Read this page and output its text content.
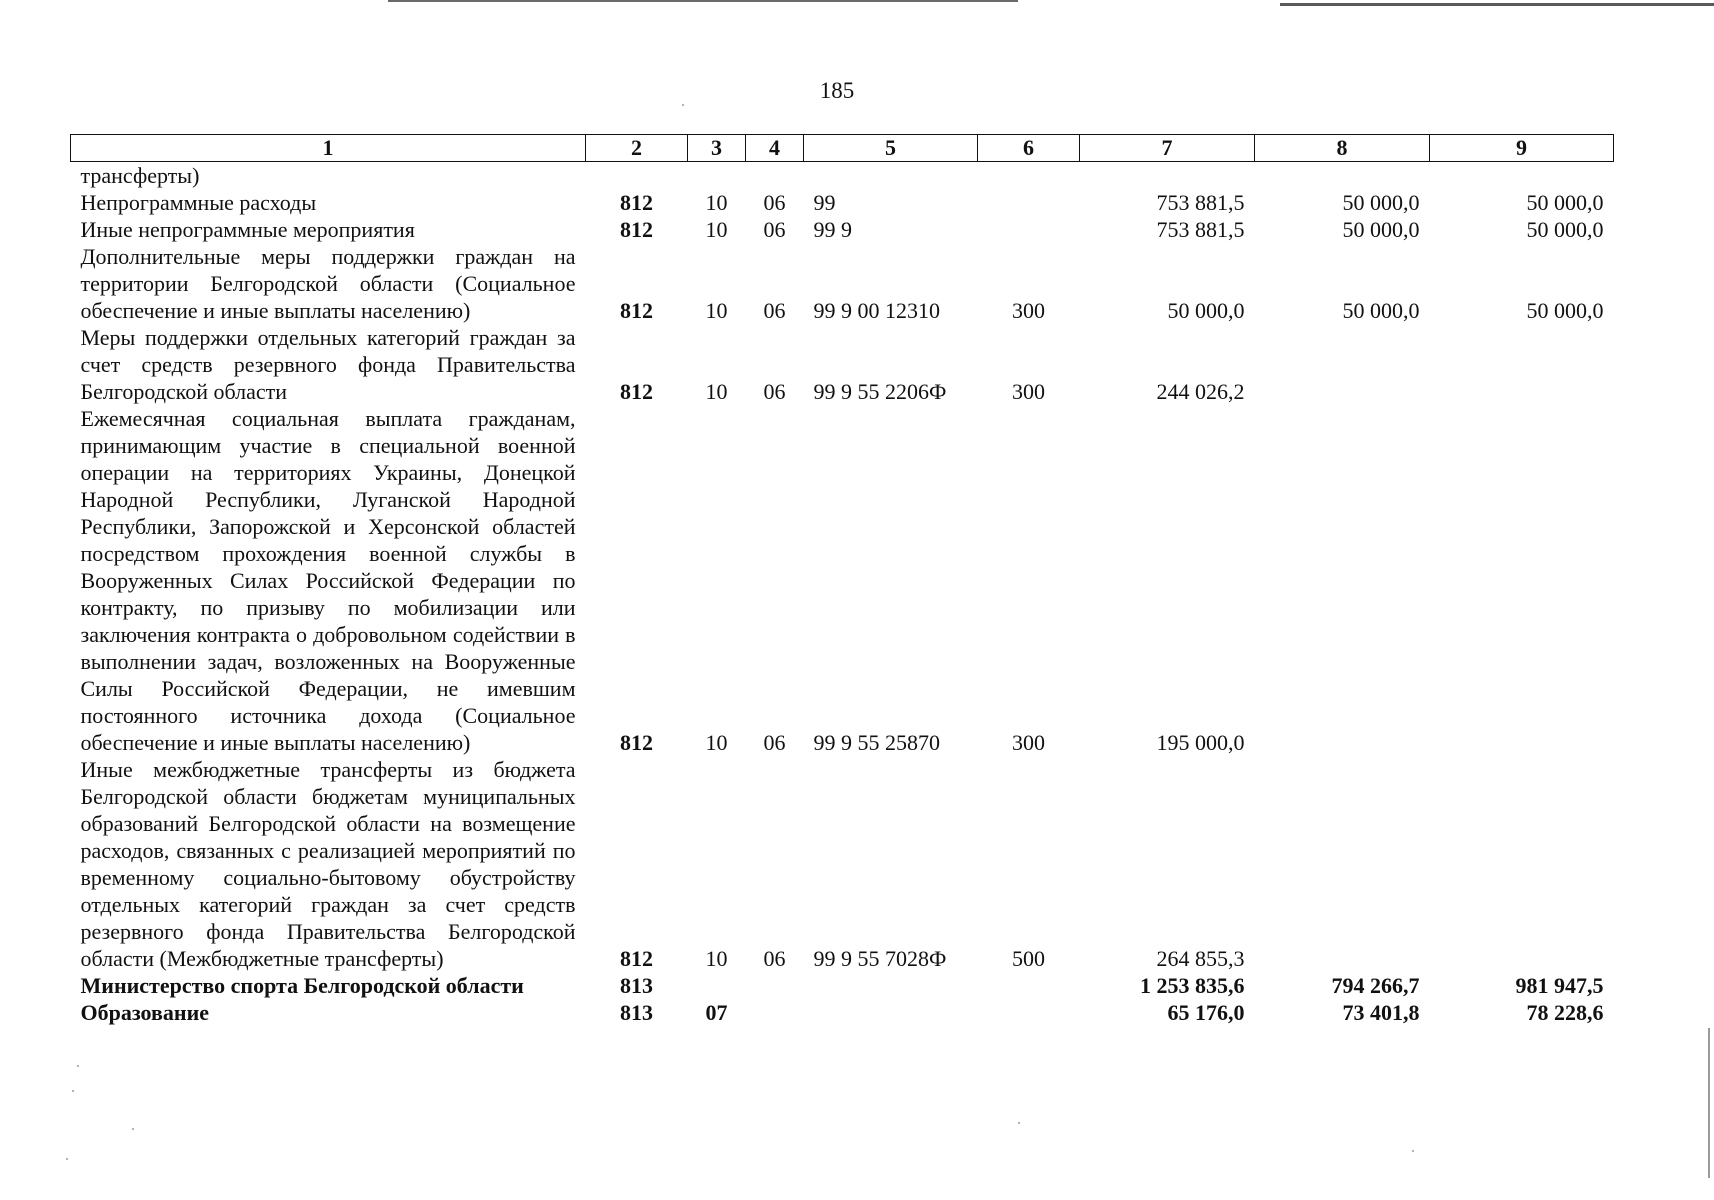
185
1	2	3	4	5	6	7	8	9
трансферты)								
Непрограммные расходы	812	10	06	99		753 881,5	50 000,0	50 000,0
Иные непрограммные мероприятия	812	10	06	99 9		753 881,5	50 000,0	50 000,0
Дополнительные меры поддержки граждан на территории Белгородской области (Социальное обеспечение и иные выплаты населению)	812	10	06	99 9 00 12310	300	50 000,0	50 000,0	50 000,0
Меры поддержки отдельных категорий граждан за счет средств резервного фонда Правительства Белгородской области	812	10	06	99 9 55 2206Ф	300	244 026,2		
Ежемесячная социальная выплата гражданам, принимающим участие в специальной военной операции на территориях Украины, Донецкой Народной Республики, Луганской Народной Республики, Запорожской и Херсонской областей посредством прохождения военной службы в Вооруженных Силах Российской Федерации по контракту, по призыву по мобилизации или заключения контракта о добровольном содействии в выполнении задач, возложенных на Вооруженные Силы Российской Федерации, не имевшим постоянного источника дохода (Социальное обеспечение и иные выплаты населению)	812	10	06	99 9 55 25870	300	195 000,0		
Иные межбюджетные трансферты из бюджета Белгородской области бюджетам муниципальных образований Белгородской области на возмещение расходов, связанных с реализацией мероприятий по временному социально-бытовому обустройству отдельных категорий граждан за счет средств резервного фонда Правительства Белгородской области (Межбюджетные трансферты)	812	10	06	99 9 55 7028Ф	500	264 855,3		
Министерство спорта Белгородской области	813					1 253 835,6	794 266,7	981 947,5
Образование	813	07				65 176,0	73 401,8	78 228,6
